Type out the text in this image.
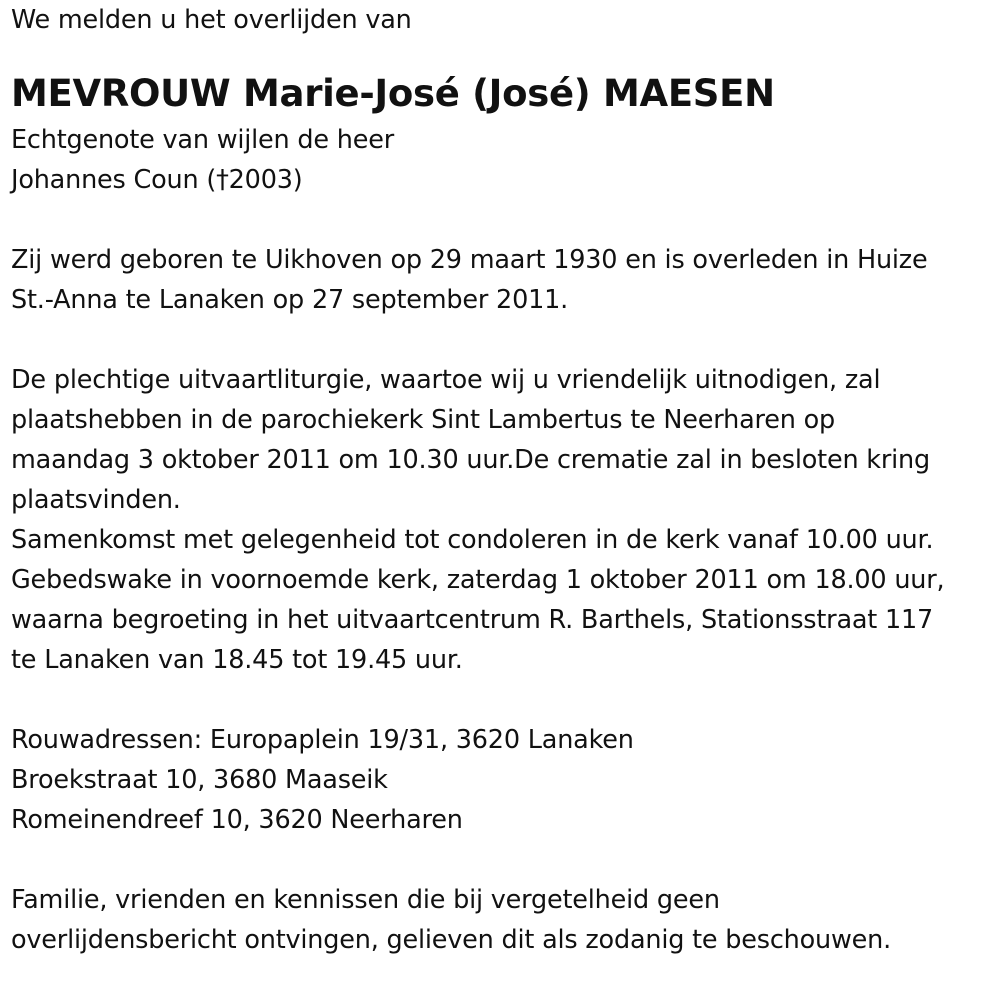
We melden u het overlijden van
MEVROUW Marie-José (José) MAESEN
Echtgenote van wijlen de heer
Johannes Coun (†2003)
Zij werd geboren te Uikhoven op 29 maart 1930 en is overleden in Huize
St.-Anna te Lanaken op 27 september 2011.
De plechtige uitvaartliturgie, waartoe wij u vriendelijk uitnodigen, zal
plaatshebben in de parochiekerk Sint Lambertus te Neerharen op
maandag 3 oktober 2011 om 10.30 uur.De crematie zal in besloten kring
plaatsvinden.
Samenkomst met gelegenheid tot condoleren in de kerk vanaf 10.00 uur.
Gebedswake in voornoemde kerk, zaterdag 1 oktober 2011 om 18.00 uur,
waarna begroeting in het uitvaartcentrum R. Barthels, Stationsstraat 117
te Lanaken van 18.45 tot 19.45 uur.
Rouwadressen: Europaplein 19/31, 3620 Lanaken
Broekstraat 10, 3680 Maaseik
Romeinendreef 10, 3620 Neerharen
Familie, vrienden en kennissen die bij vergetelheid geen
overlijdensbericht ontvingen, gelieven dit als zodanig te beschouwen.
